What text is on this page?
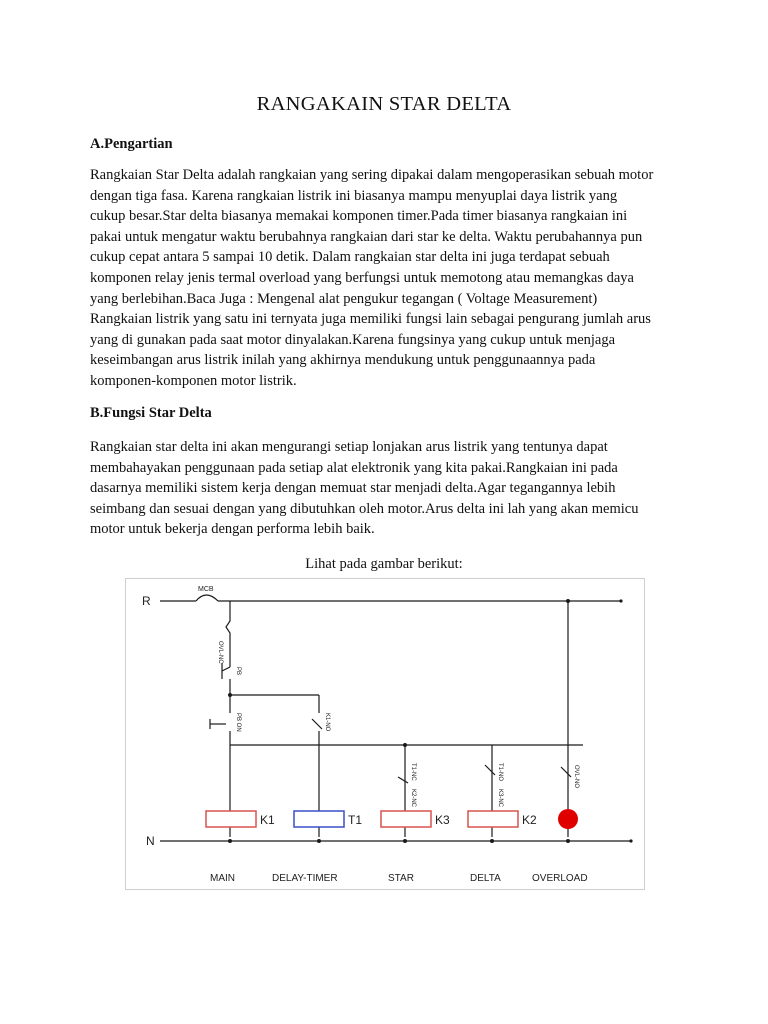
RANGAKAIN STAR DELTA
A.Pengartian
Rangkaian Star Delta adalah rangkaian yang sering dipakai dalam mengoperasikan sebuah motor
dengan tiga fasa. Karena rangkaian listrik ini biasanya mampu menyuplai daya listrik yang
cukup besar.Star delta biasanya memakai komponen timer.Pada timer biasanya rangkaian ini
pakai untuk mengatur waktu berubahnya rangkaian dari star ke delta. Waktu perubahannya pun
cukup cepat antara 5 sampai 10 detik. Dalam rangkaian star delta ini juga terdapat sebuah
komponen relay jenis termal overload yang berfungsi untuk memotong atau memangkas daya
yang berlebihan.Baca Juga : Mengenal alat pengukur tegangan ( Voltage Measurement)
Rangkaian listrik yang satu ini ternyata juga memiliki fungsi lain sebagai pengurang jumlah arus
yang di gunakan pada saat motor dinyalakan.Karena fungsinya yang cukup untuk menjaga
keseimbangan arus listrik inilah yang akhirnya mendukung untuk penggunaannya pada
komponen-komponen motor listrik.
B.Fungsi Star Delta
Rangkaian star delta ini akan mengurangi setiap lonjakan arus listrik yang tentunya dapat
membahayakan penggunaan pada setiap alat elektronik yang kita pakai.Rangkaian ini pada
dasarnya memiliki sistem kerja dengan memuat star menjadi delta.Agar tegangannya lebih
seimbang dan sesuai dengan yang dibutuhkan oleh motor.Arus delta ini lah yang akan memicu
motor untuk bekerja dengan performa lebih baik.
Lihat pada gambar berikut:
K1	T1	K3	K2
R
N
MCB
MAIN	DELAY-TIMER	STAR	DELTA	OVERLOAD
OVL-NC
PB
PB ON	K1-NO
T1-NC
K2-NC
T1-NO
K3-NC
OVL-NO
